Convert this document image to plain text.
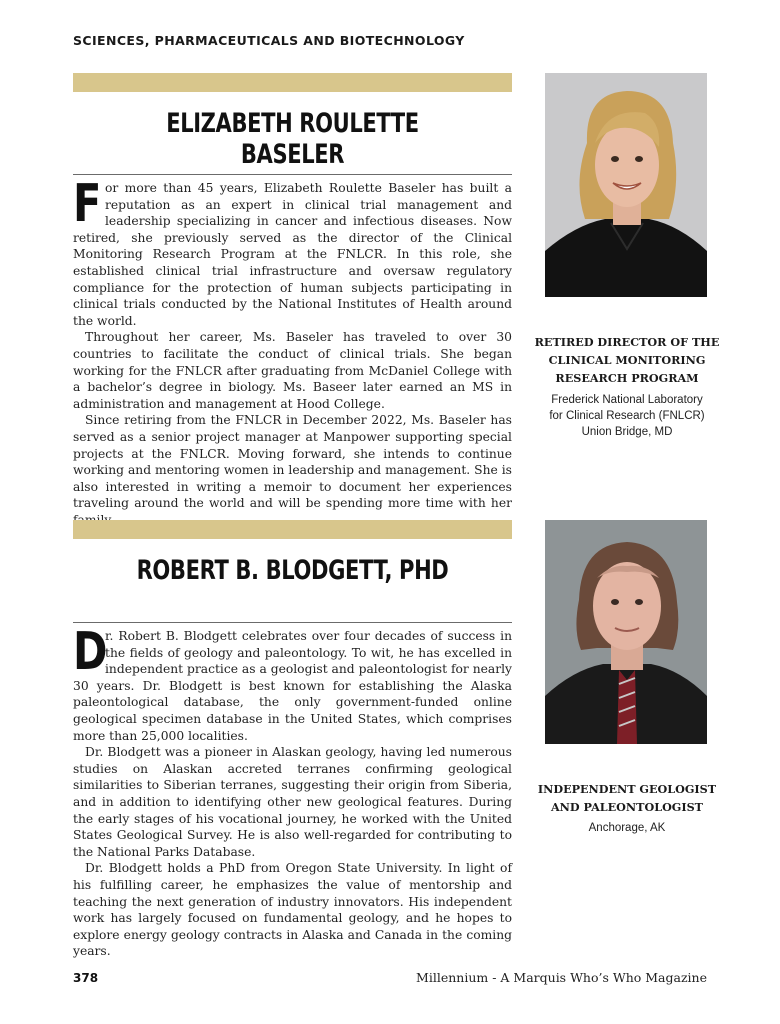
SCIENCES, PHARMACEUTICALS AND BIOTECHNOLOGY
ELIZABETH ROULETTE BASELER

For more than 45 years, Elizabeth Roulette Baseler has built a reputation as an expert in clinical trial management and leadership specializing in cancer and infectious diseases. Now retired, she previously served as the director of the Clinical Monitoring Research Program at the FNLCR. In this role, she established clinical trial infrastructure and oversaw regulatory compliance for the protection of human subjects participating in clinical trials conducted by the National Institutes of Health around the world.

Throughout her career, Ms. Baseler has traveled to over 30 countries to facilitate the conduct of clinical trials. She began working for the FNLCR after graduating from McDaniel College with a bachelor’s degree in biology. Ms. Baseer later earned an MS in administration and management at Hood College.

Since retiring from the FNLCR in December 2022, Ms. Baseler has served as a senior project manager at Manpower supporting special projects at the FNLCR. Moving forward, she intends to continue working and mentoring women in leadership and management. She is also interested in writing a memoir to document her experiences traveling around the world and will be spending more time with her

RETIRED DIRECTOR OF THE
CLINICAL MONITORING
RESEARCH PROGRAM
Frederick National Laboratory
for Clinical Research (FNLCR)
Union Bridge, MD
ROBERT B. BLODGETT, PHD

D
r. Robert B. Blodgett celebrates over four decades of success in the fields of geology and paleontology. To wit, he has excelled in independent practice as a geologist and paleontologist for nearly 30 years. Dr. Blodgett is best known for establishing the Alaska paleontological database, the only government-funded online geological specimen database in the United States, which comprises more than 25,000 localities.

Dr. Blodgett was a pioneer in Alaskan geology, having led numerous studies on Alaskan accreted terranes confirming geological similarities to Siberian terranes, suggesting their origin from Siberia, and in addition to identifying other new geological features. During the early stages of his vocational journey, he worked with the United States Geological Survey. He is also well-regarded for contributing to the National Parks Database.

Dr. Blodgett holds a PhD from Oregon State University. In light of his fulfilling career, he emphasizes the value of mentorship and teaching the next generation of industry innovators. His independent work has largely focused on fundamental geology, and he hopes to explore energy geology contracts in Alaska and Canada in the coming years.

INDEPENDENT GEOLOGIST
AND PALEONTOLOGIST
Anchorage, AK
378	Millennium - A Marquis Who’s Who Magazine
